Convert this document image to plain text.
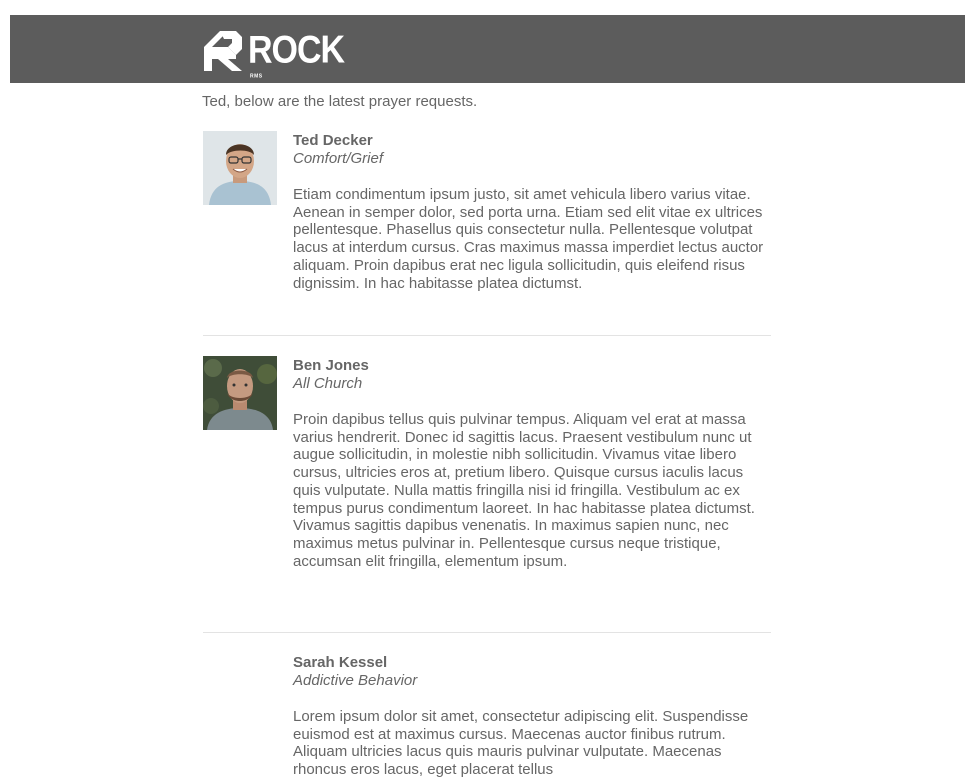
ROCK
RMS
Ted, below are the latest prayer requests.
Ted Decker
Comfort/Grief
Etiam condimentum ipsum justo, sit amet vehicula libero varius vitae. Aenean in semper dolor, sed porta urna. Etiam sed elit vitae ex ultrices pellentesque. Phasellus quis consectetur nulla. Pellentesque volutpat lacus at interdum cursus. Cras maximus massa imperdiet lectus auctor aliquam. Proin dapibus erat nec ligula sollicitudin, quis eleifend risus dignissim. In hac habitasse platea dictumst.
Ben Jones
All Church
Proin dapibus tellus quis pulvinar tempus. Aliquam vel erat at massa varius hendrerit. Donec id sagittis lacus. Praesent vestibulum nunc ut augue sollicitudin, in molestie nibh sollicitudin. Vivamus vitae libero cursus, ultricies eros at, pretium libero. Quisque cursus iaculis lacus quis vulputate. Nulla mattis fringilla nisi id fringilla. Vestibulum ac ex tempus purus condimentum laoreet. In hac habitasse platea dictumst. Vivamus sagittis dapibus venenatis. In maximus sapien nunc, nec maximus metus pulvinar in. Pellentesque cursus neque tristique, accumsan elit fringilla, elementum ipsum.
Sarah Kessel
Addictive Behavior
Lorem ipsum dolor sit amet, consectetur adipiscing elit. Suspendisse euismod est at maximus cursus. Maecenas auctor finibus rutrum. Aliquam ultricies lacus quis mauris pulvinar vulputate. Maecenas rhoncus eros lacus, eget placerat tellus
